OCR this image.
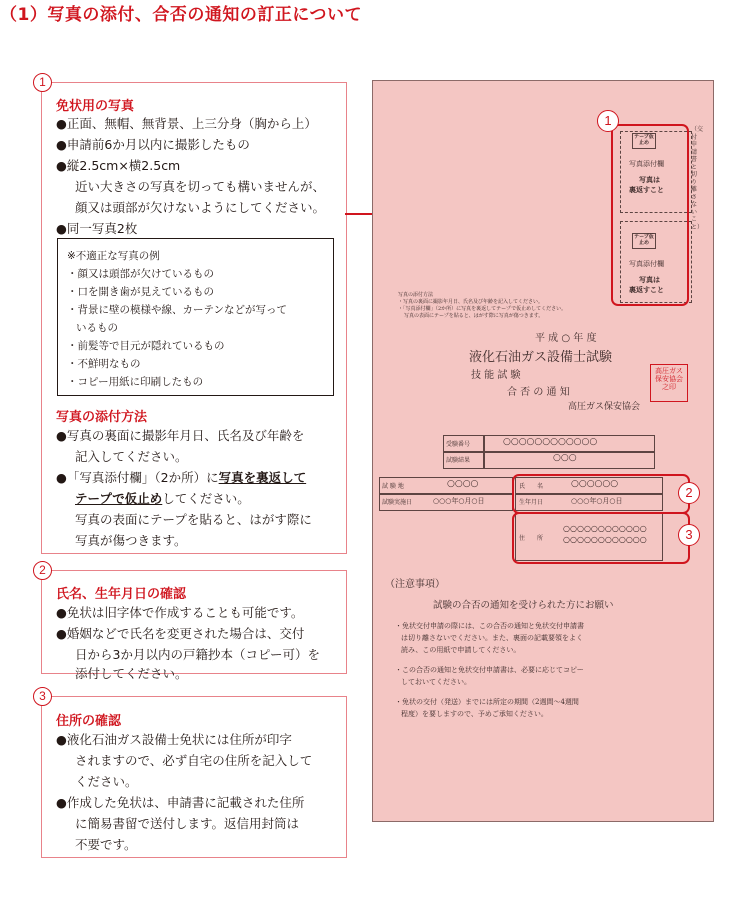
（1）写真の添付、合否の通知の訂正について
1
免状用の写真
●正面、無帽、無背景、上三分身（胸から上）
●申請前6か月以内に撮影したもの
●縦2.5cm×横2.5cm
近い大きさの写真を切っても構いませんが、
顔又は頭部が欠けないようにしてください。
●同一写真2枚
※不適正な写真の例
・顔又は頭部が欠けているもの
・口を開き歯が見えているもの
・背景に壁の模様や線、カーテンなどが写って
いるもの
・前髪等で目元が隠れているもの
・不鮮明なもの
・コピー用紙に印刷したもの
写真の添付方法
●写真の裏面に撮影年月日、氏名及び年齢を
記入してください。
●「写真添付欄」（2か所）に写真を裏返して
テープで仮止めしてください。
写真の表面にテープを貼ると、はがす際に
写真が傷つきます。
2
氏名、生年月日の確認
●免状は旧字体で作成することも可能です。
●婚姻などで氏名を変更された場合は、交付
日から3か月以内の戸籍抄本（コピー可）を
添付してください。
3
住所の確認
●液化石油ガス設備士免状には住所が印字
されますので、必ず自宅の住所を記入して
ください。
●作成した免状は、申請書に記載された住所
に簡易書留で送付します。返信用封筒は
不要です。
テープ仮止め
写真添付欄
写真は
裏返すこと
テープ仮止め
写真添付欄
写真は
裏返すこと
（交付申請書と切り離さないこと）
写真の添付方法
・写真の裏面に撮影年月日、氏名及び年齢を記入してください。
・「写真添付欄」（2か所）に写真を裏返してテープで仮止めしてください。
写真の表面にテープを貼ると、はがす際に写真が傷つきます。
平 成 ○ 年 度
液化石油ガス設備士試験
技 能 試 験
合 否 の 通 知
高圧ガス保安協会
高圧ガス保安協会之印
受験番号	○○○○○○○○○○○○
試験結果	○○○
試 験 地	○○○○
試験実施日	○○○年○月○日
氏　　名	○○○○○○
生年月日	○○○年○月○日
住　　所
○○○○○○○○○○○○
○○○○○○○○○○○○
（注意事項）
試験の合否の通知を受けられた方にお願い
・免状交付申請の際には、この合否の通知と免状交付申請書
は切り離さないでください。また、裏面の記載要領をよく
読み、この用紙で申請してください。
・この合否の通知と免状交付申請書は、必要に応じてコピー
しておいてください。
・免状の交付（発送）までには所定の期間（2週間〜4週間
程度）を要しますので、予めご承知ください。
1
2
3
